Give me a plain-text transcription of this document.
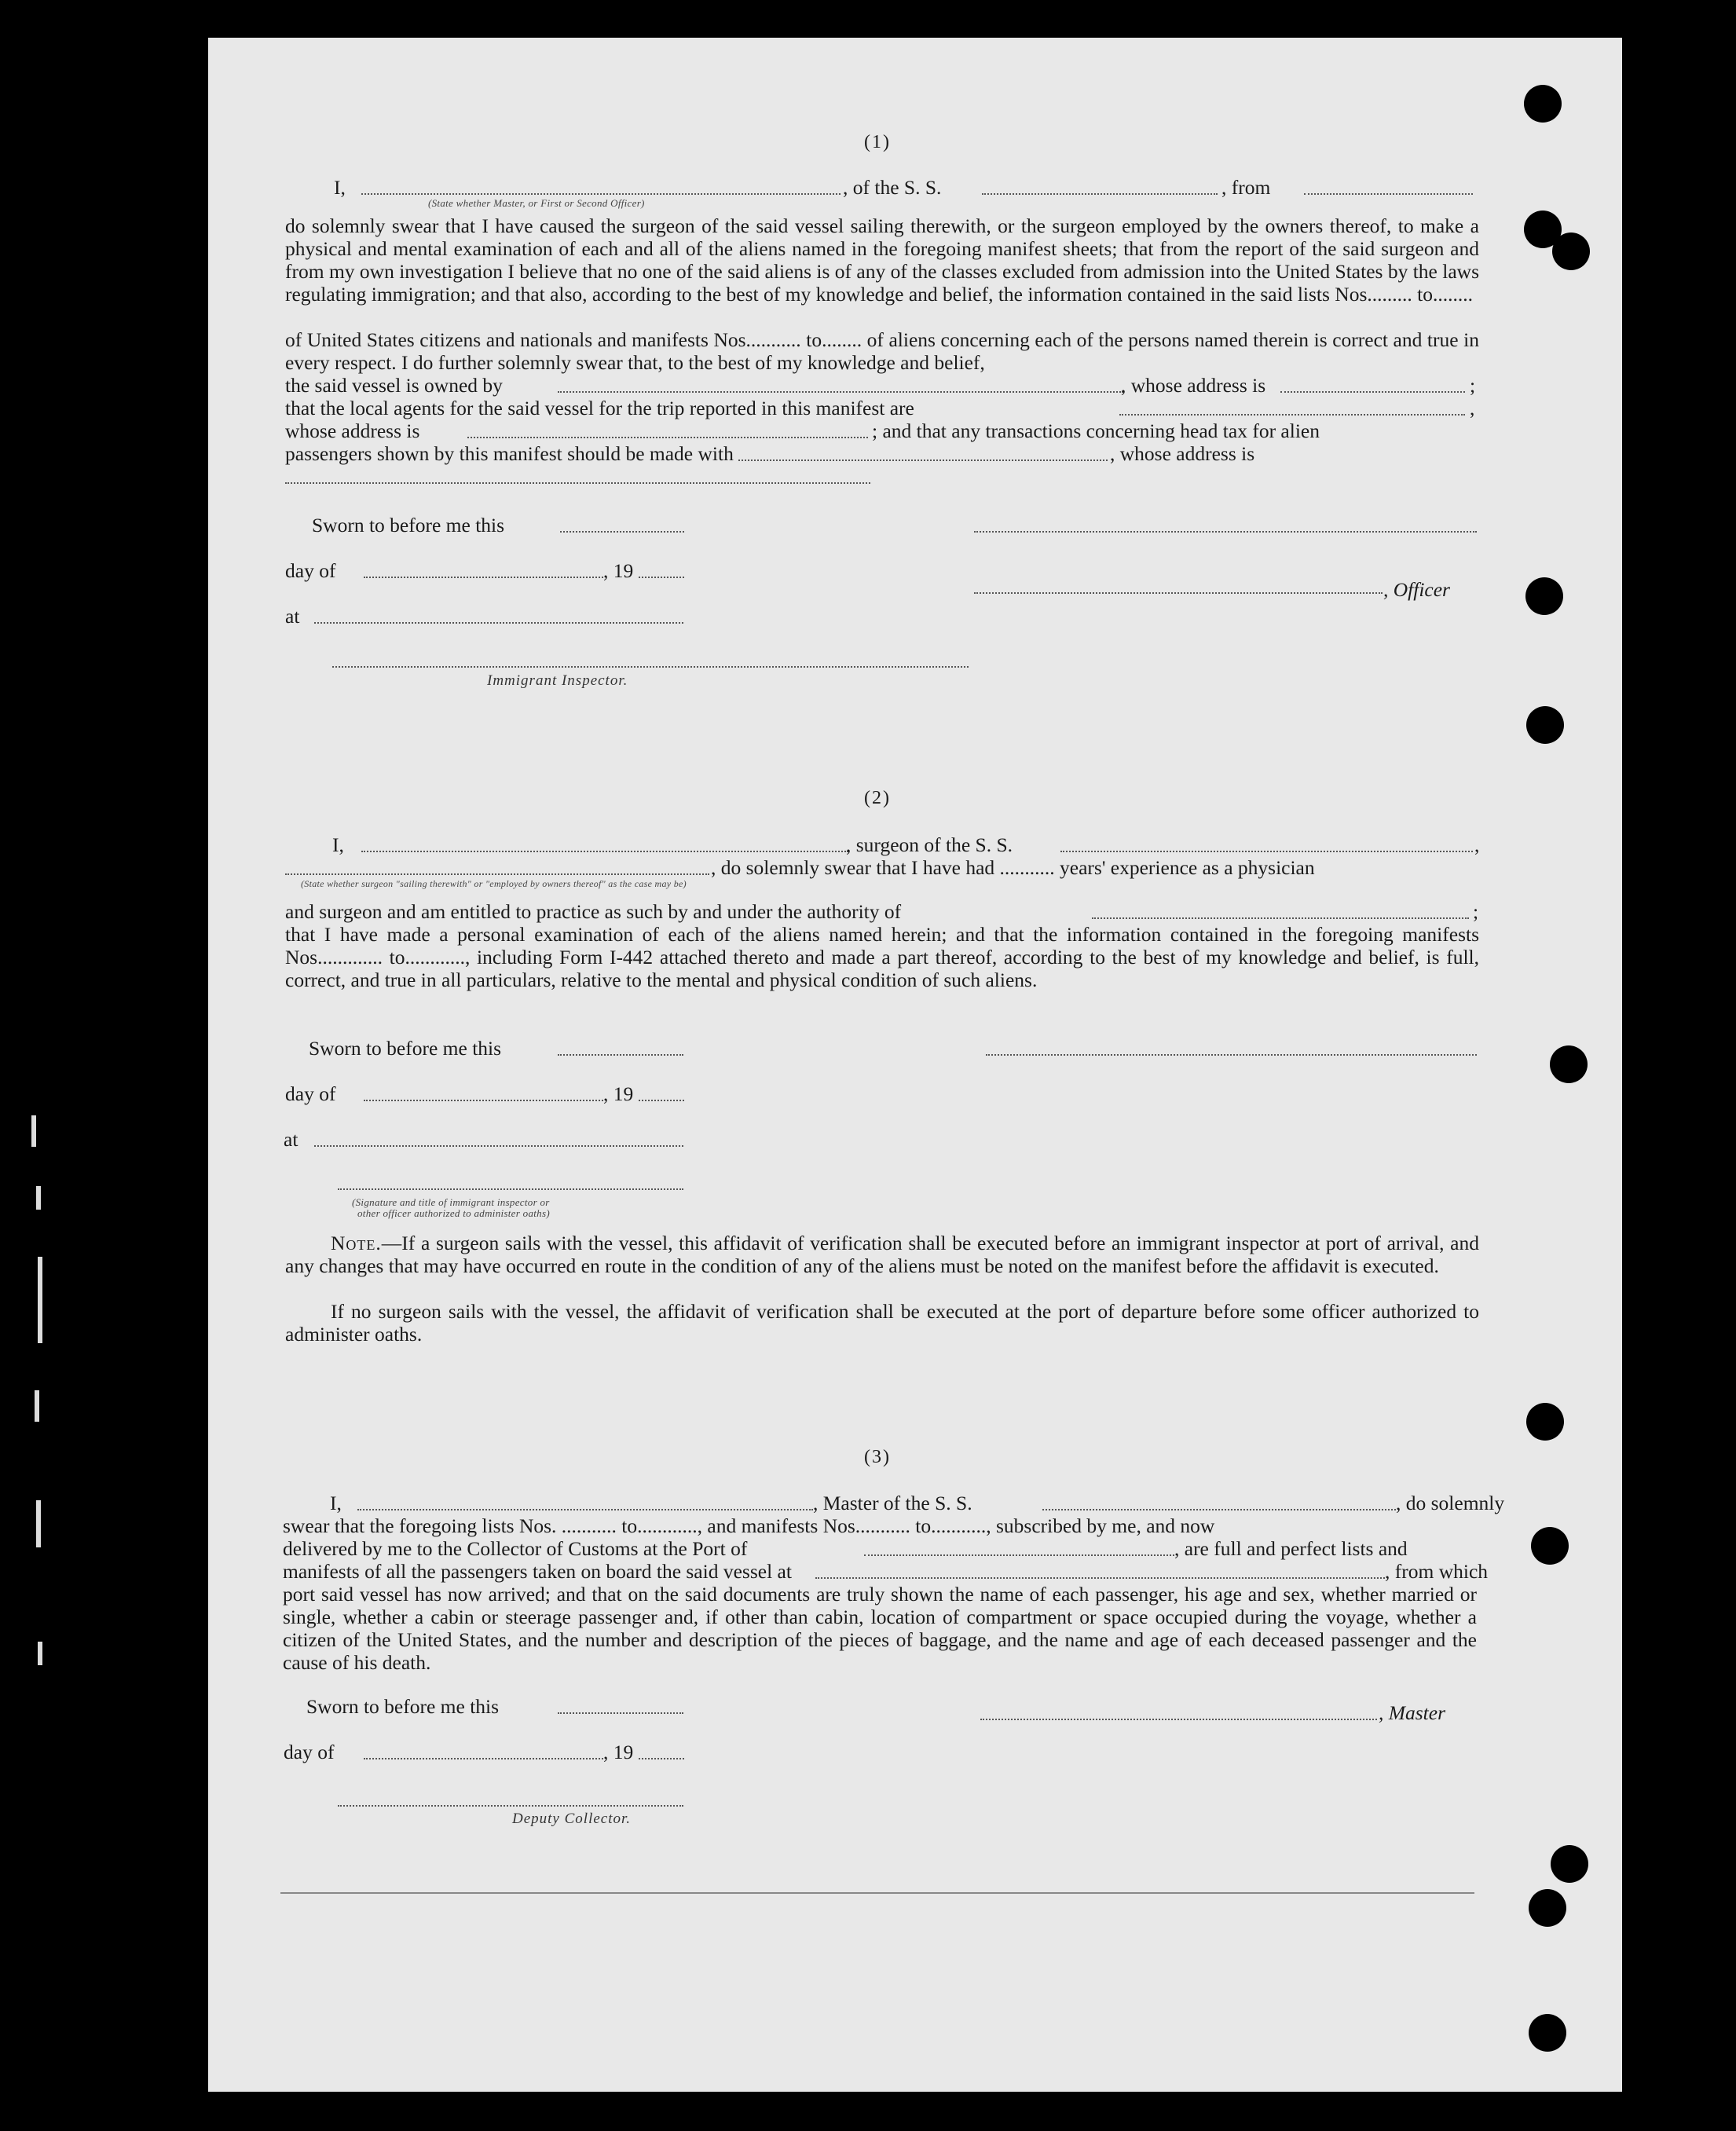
(1)
I,	, of the S. S.	, from
(State whether Master, or First or Second Officer)
do solemnly swear that I have caused the surgeon of the said vessel sailing therewith, or the surgeon employed by the owners thereof, to make a physical and mental examination of each and all of the aliens named in the foregoing manifest sheets; that from the report of the said surgeon and from my own investigation I believe that no one of the said aliens is of any of the classes excluded from admission into the United States by the laws regulating immigration; and that also, according to the best of my knowledge and belief, the information contained in the said lists Nos......... to........
of United States citizens and nationals and manifests Nos........... to........ of aliens concerning each of the persons named therein is correct and true in every respect. I do further solemnly swear that, to the best of my knowledge and belief,
the said vessel is owned by	, whose address is	;
that the local agents for the said vessel for the trip reported in this manifest are	,
whose address is	; and that any transactions concerning head tax for alien
passengers shown by this manifest should be made with	, whose address is
Sworn to before me this
day of	, 19
, Officer
at
Immigrant Inspector.
(2)
I,	, surgeon of the S. S.	,
, do solemnly swear that I have had ........... years' experience as a physician
(State whether surgeon "sailing therewith" or "employed by owners thereof" as the case may be)
and surgeon and am entitled to practice as such by and under the authority of	;
that I have made a personal examination of each of the aliens named herein; and that the information contained in the foregoing manifests Nos............. to............, including Form I-442 attached thereto and made a part thereof, according to the best of my knowledge and belief, is full, correct, and true in all particulars, relative to the mental and physical condition of such aliens.
Sworn to before me this
day of	, 19
at
(Signature and title of immigrant inspector or
other officer authorized to administer oaths)
Note.—If a surgeon sails with the vessel, this affidavit of verification shall be executed before an immigrant inspector at port of arrival, and any changes that may have occurred en route in the condition of any of the aliens must be noted on the manifest before the affidavit is executed.
If no surgeon sails with the vessel, the affidavit of verification shall be executed at the port of departure before some officer authorized to administer oaths.
(3)
I,	, Master of the S. S.	, do solemnly
swear that the foregoing lists Nos. ........... to............, and manifests Nos........... to..........., subscribed by me, and now
delivered by me to the Collector of Customs at the Port of	, are full and perfect lists and
manifests of all the passengers taken on board the said vessel at	, from which
port said vessel has now arrived; and that on the said documents are truly shown the name of each passenger, his age and sex, whether married or single, whether a cabin or steerage passenger and, if other than cabin, location of compartment or space occupied during the voyage, whether a citizen of the United States, and the number and description of the pieces of baggage, and the name and age of each deceased passenger and the cause of his death.
Sworn to before me this	, Master
day of	, 19
Deputy Collector.
